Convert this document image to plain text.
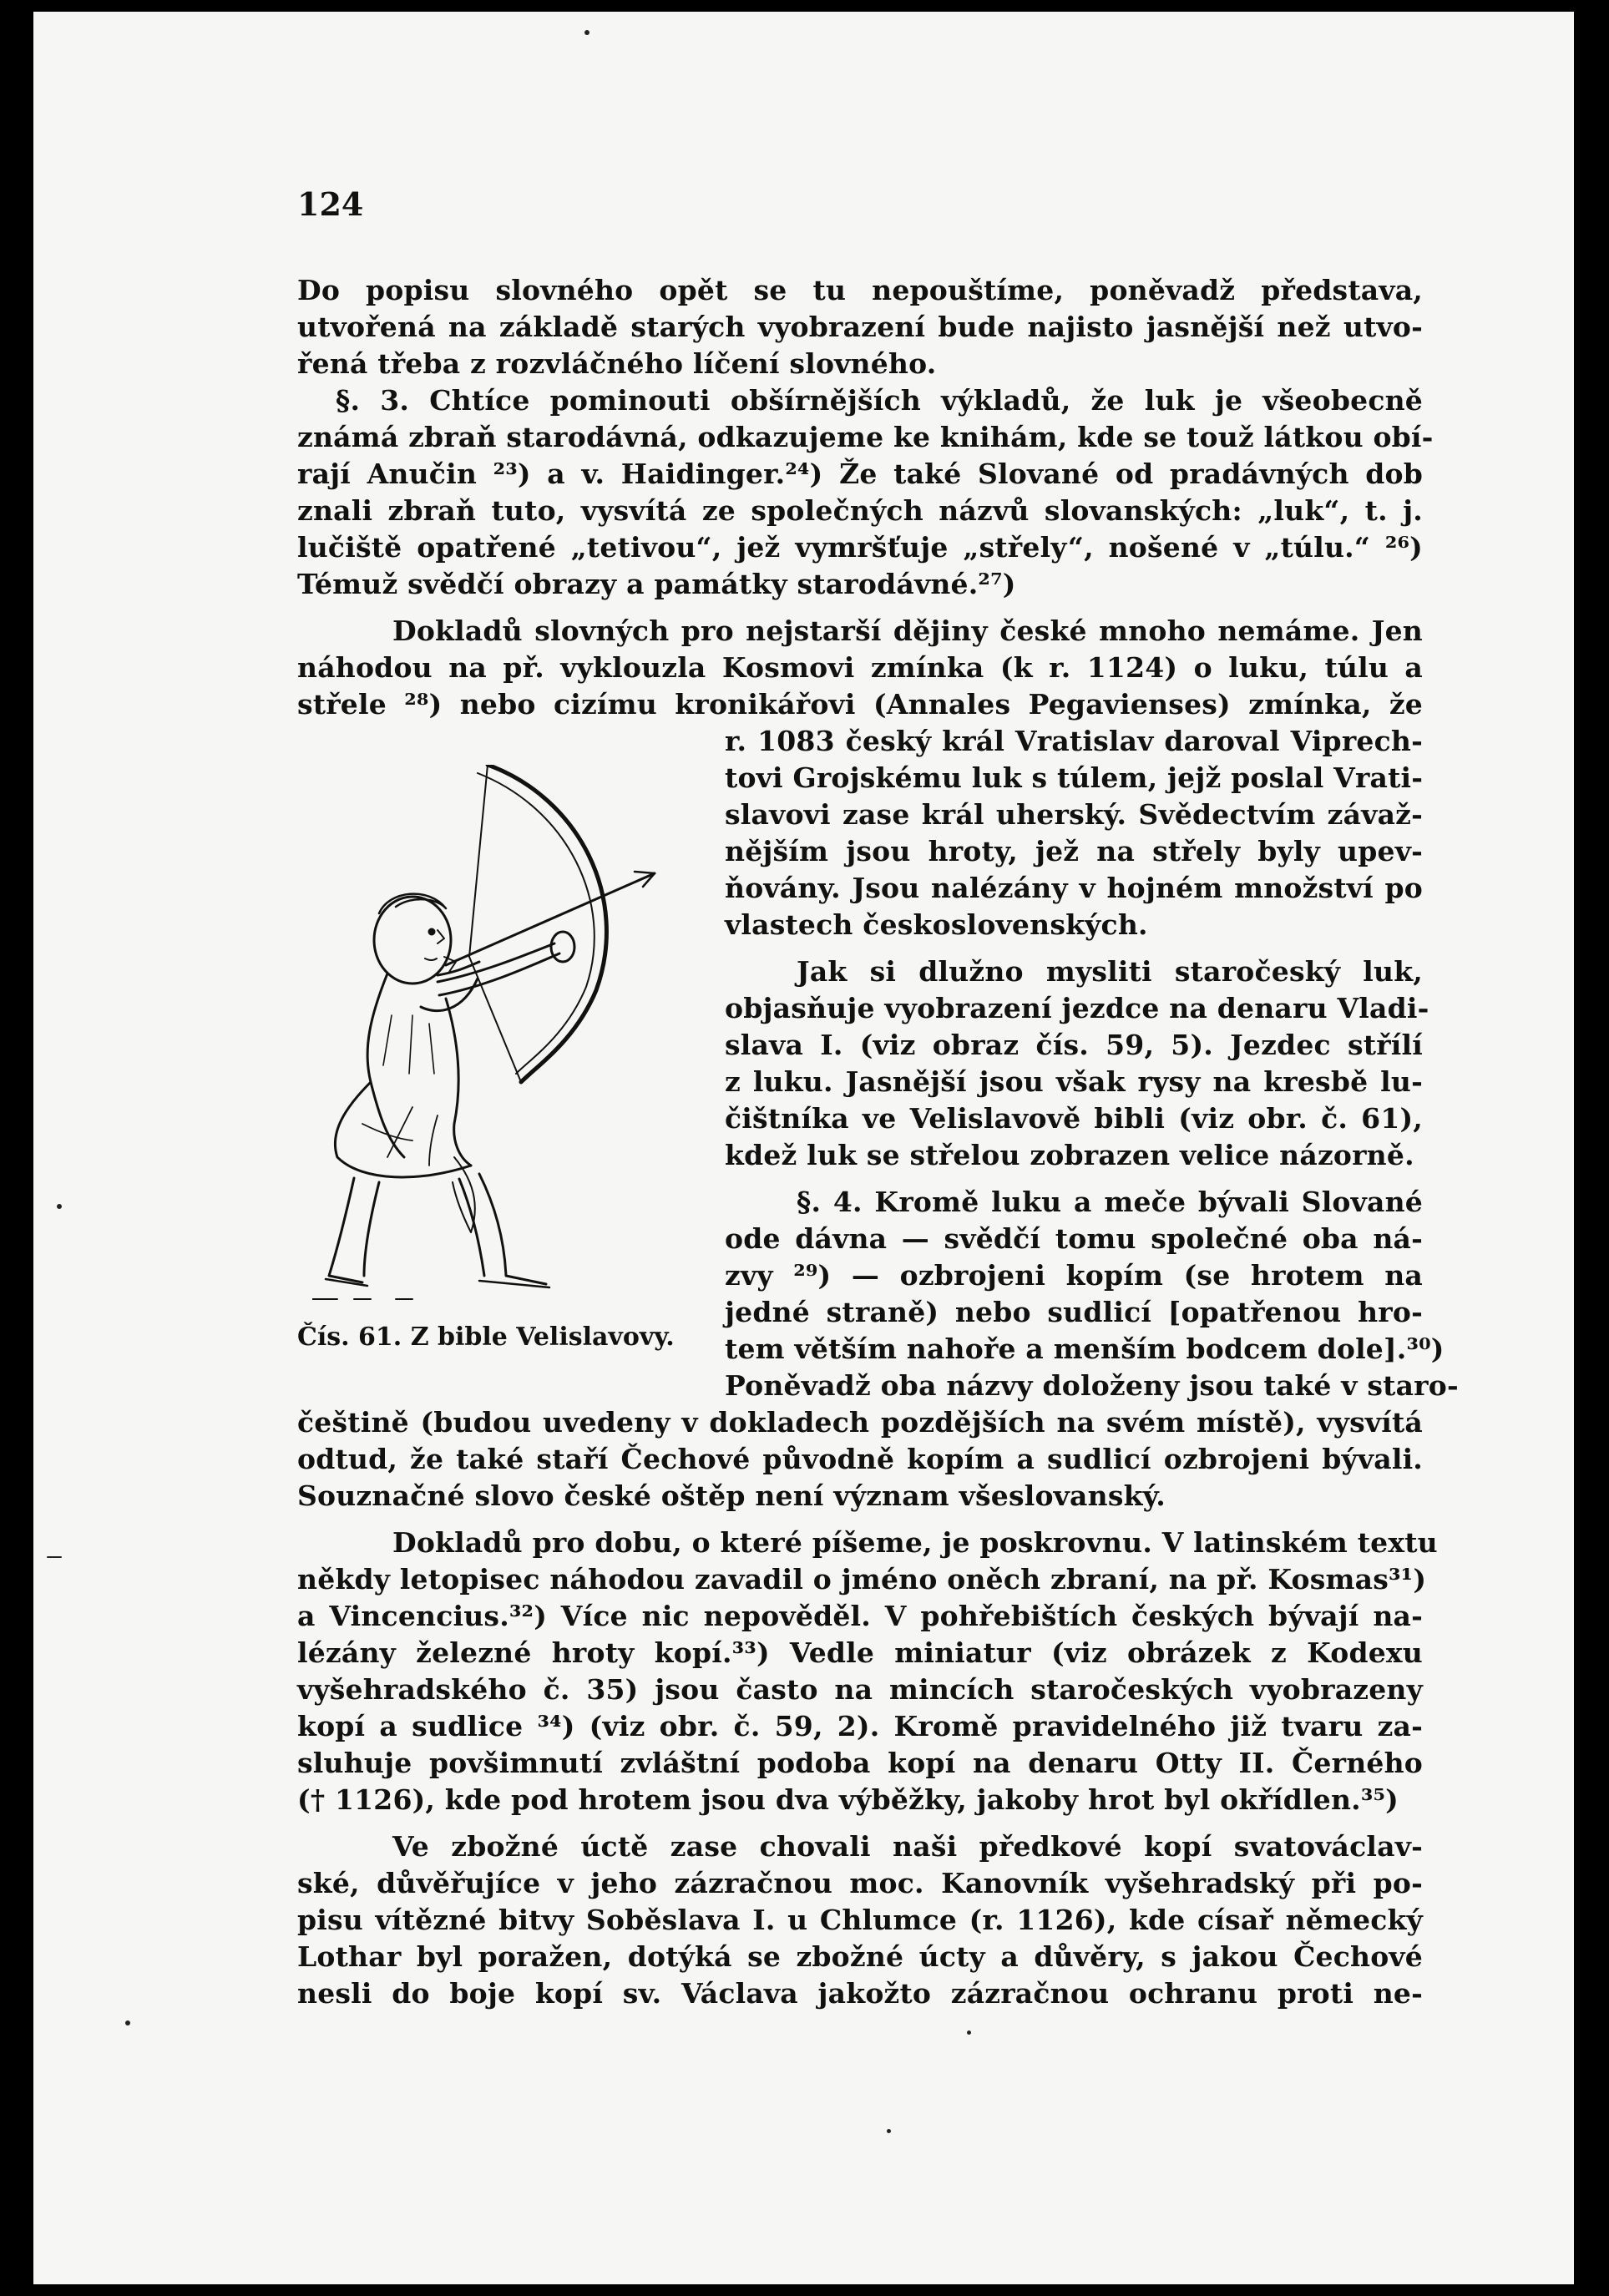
124
Do popisu slovného opět se tu nepouštíme, poněvadž představa,
utvořená na základě starých vyobrazení bude najisto jasnější než utvo-
řená třeba z rozvláčného líčení slovného.
§. 3. Chtíce pominouti obšírnějších výkladů, že luk je všeobecně
známá zbraň starodávná, odkazujeme ke knihám, kde se touž látkou obí-
rají Anučin ²³) a v. Haidinger.²⁴) Že také Slované od pradávných dob
znali zbraň tuto, vysvítá ze společných názvů slovanských: „luk“, t. j.
lučiště opatřené „tetivou“, jež vymršťuje „střely“, nošené v „túlu.“ ²⁶)
Témuž svědčí obrazy a památky starodávné.²⁷)
Dokladů slovných pro nejstarší dějiny české mnoho nemáme. Jen
náhodou na př. vyklouzla Kosmovi zmínka (k r. 1124) o luku, túlu a
střele ²⁸) nebo cizímu kronikářovi (Annales Pegavienses) zmínka, že
r. 1083 český král Vratislav daroval Viprech-
tovi Grojskému luk s túlem, jejž poslal Vrati-
slavovi zase král uherský. Svědectvím závaž-
nějším jsou hroty, jež na střely byly upev-
ňovány. Jsou nalézány v hojném množství po
vlastech československých.
Jak si dlužno mysliti staročeský luk,
objasňuje vyobrazení jezdce na denaru Vladi-
slava I. (viz obraz čís. 59, 5). Jezdec střílí
z luku. Jasnější jsou však rysy na kresbě lu-
čištníka ve Velislavově bibli (viz obr. č. 61),
kdež luk se střelou zobrazen velice názorně.
§. 4. Kromě luku a meče bývali Slované
ode dávna — svědčí tomu společné oba ná-
zvy ²⁹) — ozbrojeni kopím (se hrotem na
jedné straně) nebo sudlicí [opatřenou hro-
tem větším nahoře a menším bodcem dole].³⁰)
Poněvadž oba názvy doloženy jsou také v staro-
češtině (budou uvedeny v dokladech pozdějších na svém místě), vysvítá
odtud, že také staří Čechové původně kopím a sudlicí ozbrojeni bývali.
Souznačné slovo české oštěp není význam všeslovanský.
Dokladů pro dobu, o které píšeme, je poskrovnu. V latinském textu
někdy letopisec náhodou zavadil o jméno oněch zbraní, na př. Kosmas³¹)
a Vincencius.³²) Více nic nepověděl. V pohřebištích českých bývají na-
lézány železné hroty kopí.³³) Vedle miniatur (viz obrázek z Kodexu
vyšehradského č. 35) jsou často na mincích staročeských vyobrazeny
kopí a sudlice ³⁴) (viz obr. č. 59, 2). Kromě pravidelného již tvaru za-
sluhuje povšimnutí zvláštní podoba kopí na denaru Otty II. Černého
(† 1126), kde pod hrotem jsou dva výběžky, jakoby hrot byl okřídlen.³⁵)
Ve zbožné úctě zase chovali naši předkové kopí svatováclav-
ské, důvěřujíce v jeho zázračnou moc. Kanovník vyšehradský při po-
pisu vítězné bitvy Soběslava I. u Chlumce (r. 1126), kde císař německý
Lothar byl poražen, dotýká se zbožné úcty a důvěry, s jakou Čechové
nesli do boje kopí sv. Václava jakožto zázračnou ochranu proti ne-
Čís. 61. Z bible Velislavovy.
